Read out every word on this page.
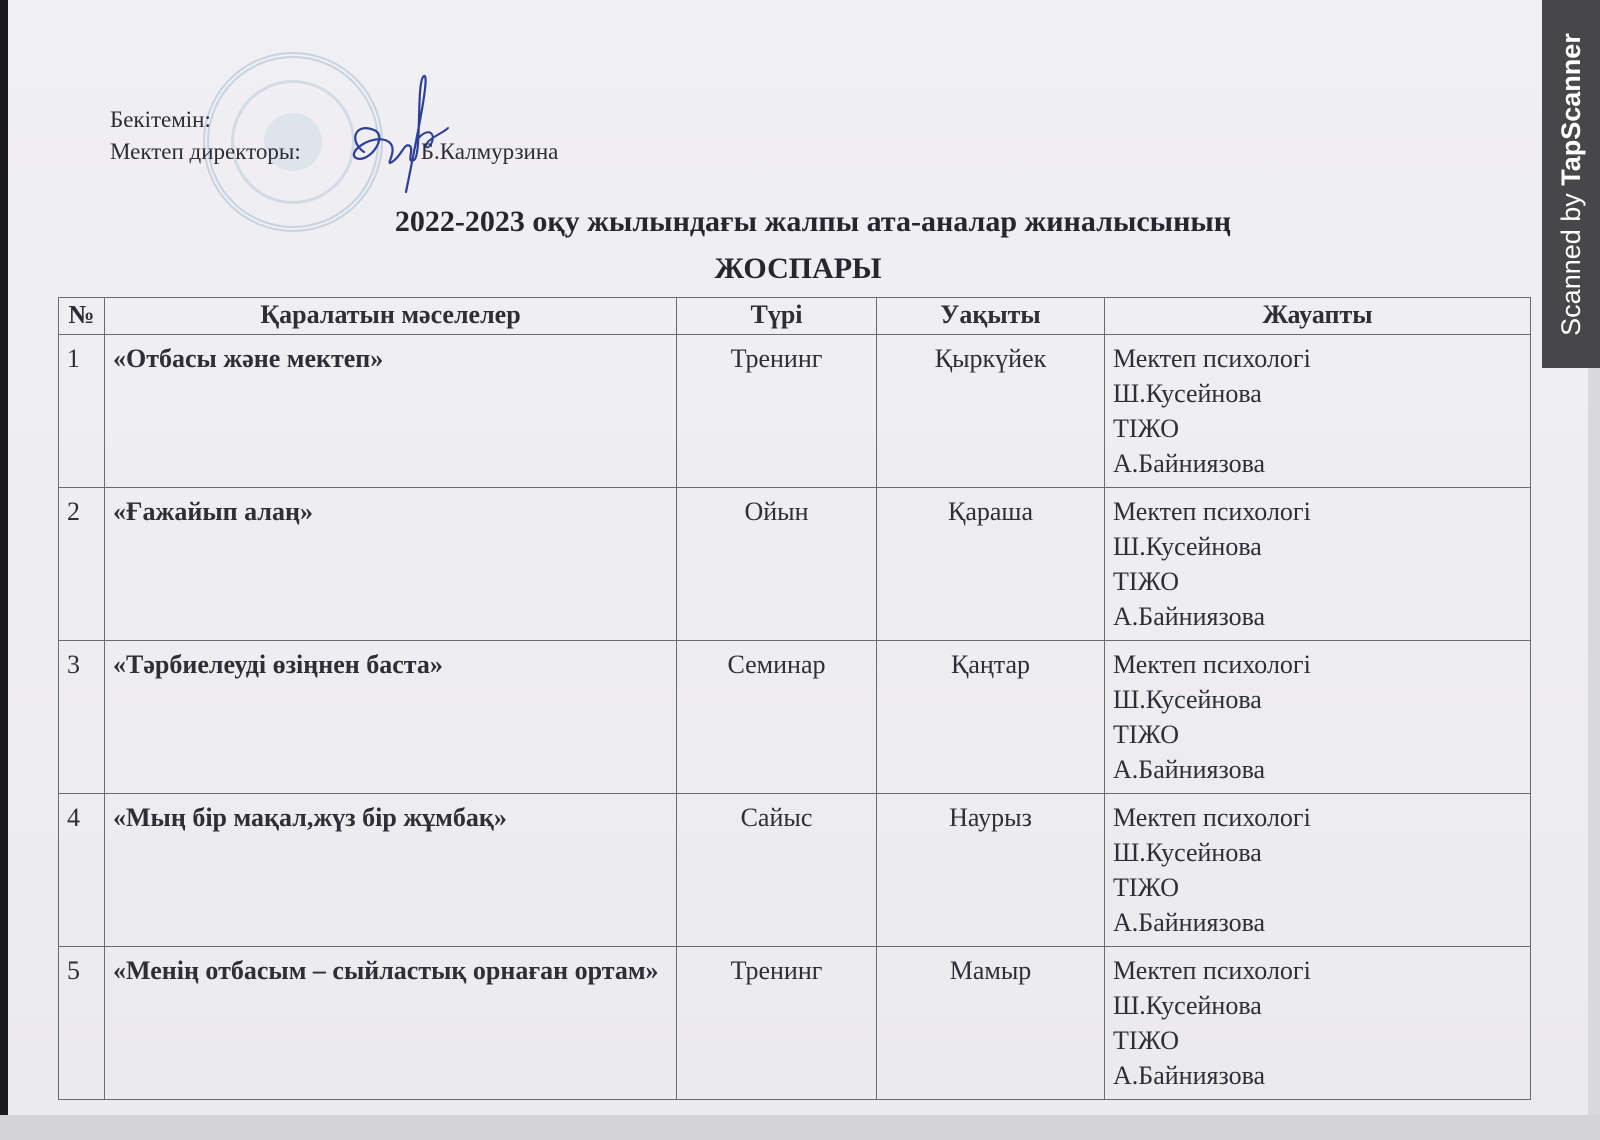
Бекітемін:
Мектеп директоры:	Б.Калмурзина
2022-2023 оқу жылындағы жалпы ата-аналар жиналысының
ЖОСПАРЫ
№	Қаралатын мәселелер	Түрі	Уақыты	Жауапты
1	«Отбасы және мектеп»	Тренинг	Қыркүйек	Мектеп психологі
Ш.Кусейнова
ТІЖО
А.Байниязова

2	«Ғажайып алаң»	Ойын	Қараша	Мектеп психологі
Ш.Кусейнова
ТІЖО
А.Байниязова

3	«Тәрбиелеуді өзіңнен баста»	Семинар	Қаңтар	Мектеп психологі
Ш.Кусейнова
ТІЖО
А.Байниязова

4	«Мың бір мақал,жүз бір жұмбақ»	Сайыс	Наурыз	Мектеп психологі
Ш.Кусейнова
ТІЖО
А.Байниязова

5	«Менің отбасым – сыйластық орнаған ортам»	Тренинг	Мамыр	Мектеп психологі
Ш.Кусейнова
ТІЖО
А.Байниязова
Scanned by TapScanner
